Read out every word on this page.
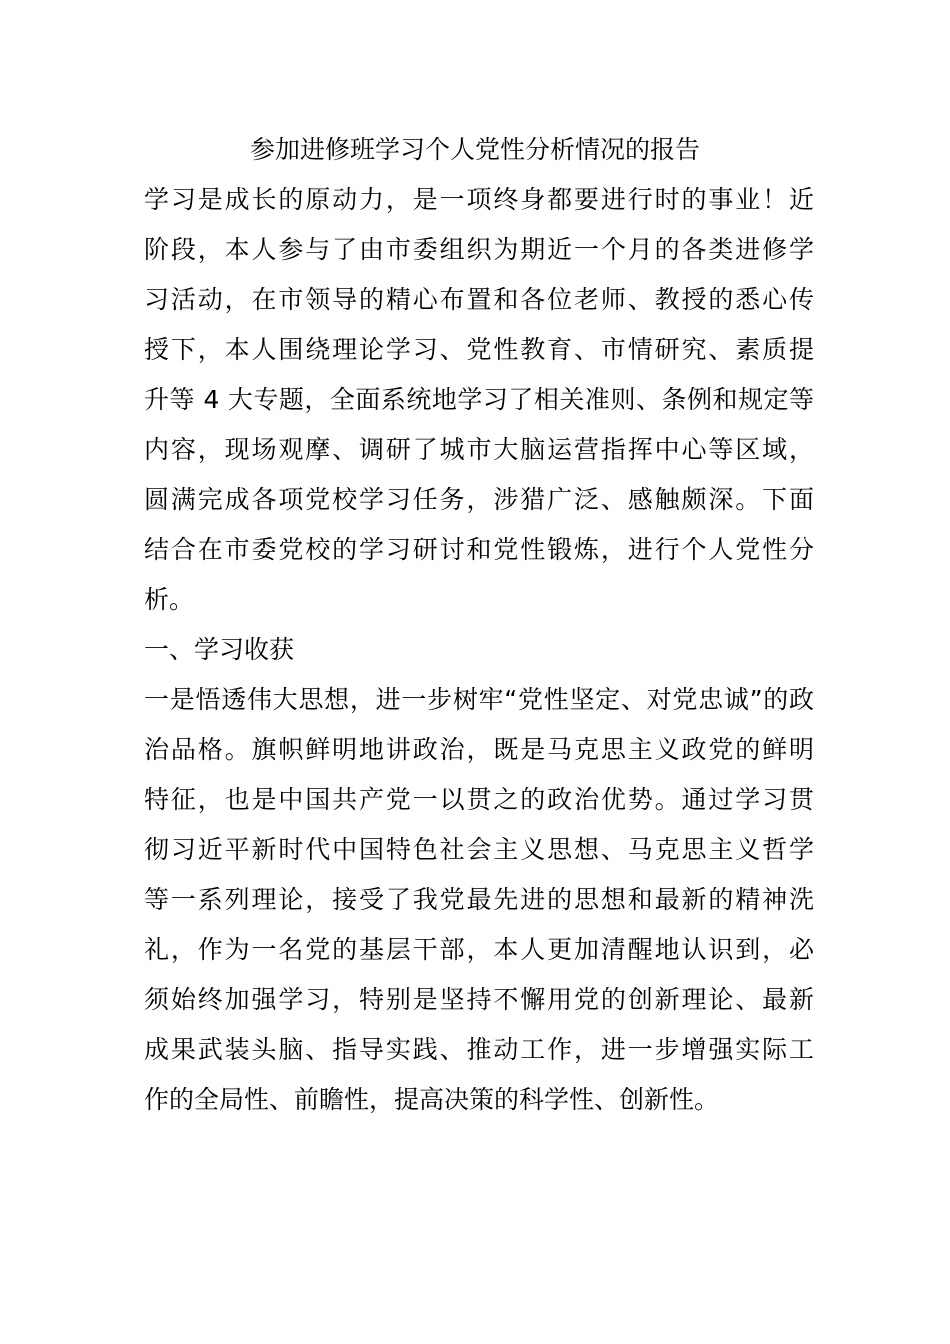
参加进修班学习个人党性分析情况的报告
学习是成长的原动力，是一项终身都要进行时的事业！近
阶段，本人参与了由市委组织为期近一个月的各类进修学
习活动，在市领导的精心布置和各位老师、教授的悉心传
授下，本人围绕理论学习、党性教育、市情研究、素质提
升等 4 大专题，全面系统地学习了相关准则、条例和规定等
内容，现场观摩、调研了城市大脑运营指挥中心等区域，
圆满完成各项党校学习任务，涉猎广泛、感触颇深。下面
结合在市委党校的学习研讨和党性锻炼，进行个人党性分
析。
一、学习收获
一是悟透伟大思想，进一步树牢“党性坚定、对党忠诚”的政
治品格。旗帜鲜明地讲政治，既是马克思主义政党的鲜明
特征，也是中国共产党一以贯之的政治优势。通过学习贯
彻习近平新时代中国特色社会主义思想、马克思主义哲学
等一系列理论，接受了我党最先进的思想和最新的精神洗
礼，作为一名党的基层干部，本人更加清醒地认识到，必
须始终加强学习，特别是坚持不懈用党的创新理论、最新
成果武装头脑、指导实践、推动工作，进一步增强实际工
作的全局性、前瞻性，提高决策的科学性、创新性。
